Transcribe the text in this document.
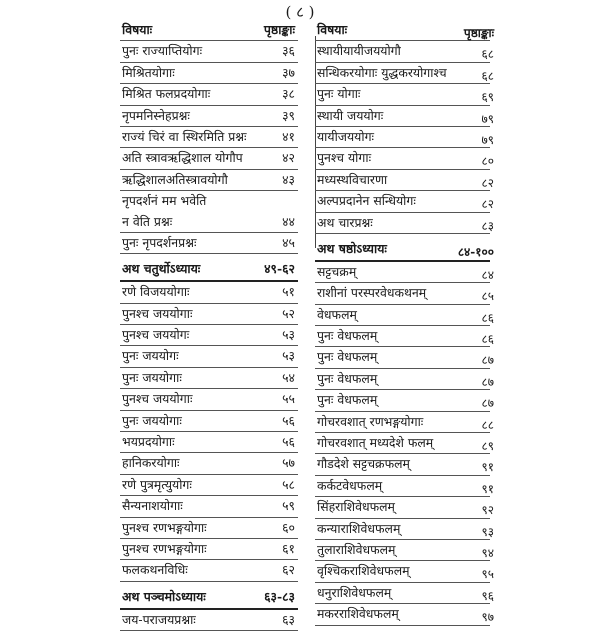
( ८ )
विषयाः	पृष्ठाङ्काः
पुनः राज्याप्तियोगः	३६
मिश्रितयोगाः	३७
मिश्रित फलप्रदयोगाः	३८
नृपमनिस्नेहप्रश्नः	३९
राज्यं चिरं वा स्थिरमिति प्रश्नः	४१
अति स्त्रावऋद्धिशाल योगौप	४२
ऋद्धिशालअतिस्त्रावयोगौ	४३
नृपदर्शनं मम भवेति
न वेति प्रश्नः	४४
पुनः नृपदर्शनप्रश्नः	४५
अथ चतुर्थोऽध्यायः	४९-६२
रणे विजययोगाः	५१
पुनश्च जययोगाः	५२
पुनश्च जययोगः	५३
पुनः जययोगः	५३
पुनः जययोगाः	५४
पुनश्च जययोगाः	५५
पुनः जययोगाः	५६
भयप्रदयोगाः	५६
हानिकरयोगाः	५७
रणे पुत्रमृत्युयोगः	५८
सैन्यनाशयोगाः	५९
पुनश्च रणभङ्गयोगाः	६०
पुनश्च रणभङ्गयोगाः	६१
फलकथनविधिः	६२
अथ पञ्चमोऽध्यायः	६३-८३
जय-पराजयप्रश्नाः	६३
विषयाः	पृष्ठाङ्काः
स्थायीयायीजययोगौ	६८
सन्धिकरयोगाः युद्धकरयोगाश्च	६८
पुनः योगाः	६९
स्थायी जययोगः	७९
यायीजययोगः	७९
पुनश्च योगाः	८०
मध्यस्थविचारणा	८२
अल्पप्रदानेन सन्धियोगः	८२
अथ चारप्रश्नः	८३
अथ षष्ठोऽध्यायः	८४-१००
सट्टचक्रम्	८४
राशीनां परस्परवेधकथनम्	८५
वेधफलम्	८६
पुनः वेधफलम्	८६
पुनः वेधफलम्	८७
पुनः वेधफलम्	८७
पुनः वेधफलम्	८७
गोचरवशात् रणभङ्गयोगाः	८८
गोचरवशात् मध्यदेशे फलम्	८९
गौडदेशे सट्टचक्रफलम्	९१
कर्कटवेधफलम्	९१
सिंहराशिवेधफलम्	९२
कन्याराशिवेधफलम्	९३
तुलाराशिवेधफलम्	९४
वृश्चिकराशिवेधफलम्	९५
धनुराशिवेधफलम्	९६
मकरराशिवेधफलम्	९७
